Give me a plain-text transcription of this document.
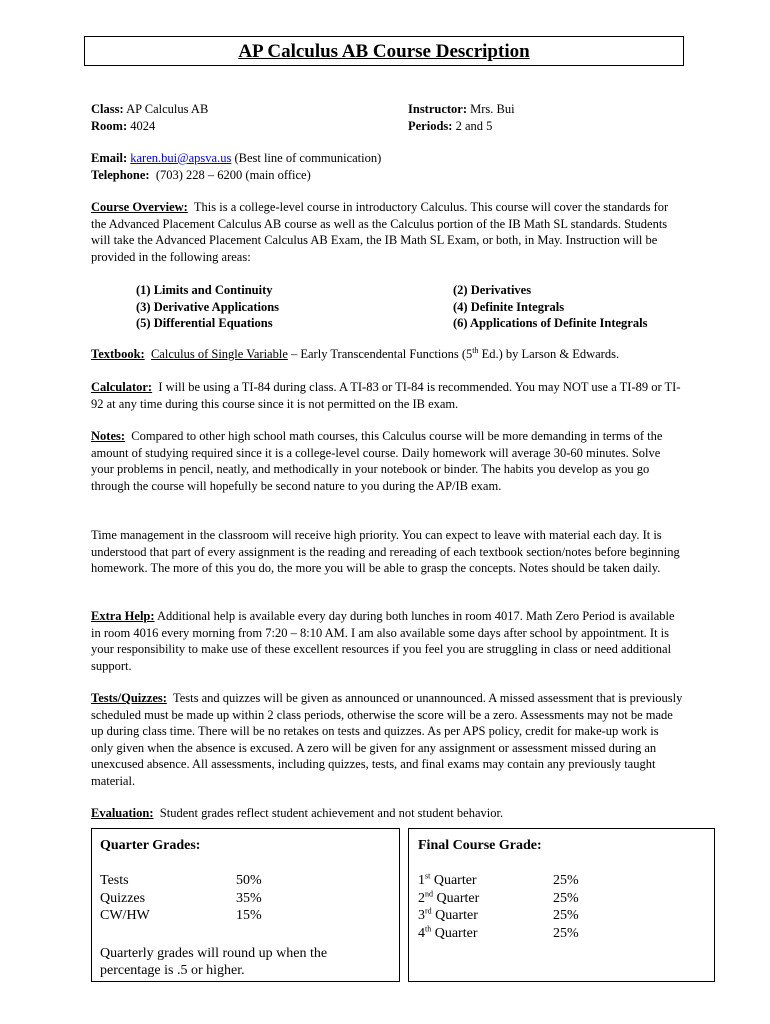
AP Calculus AB Course Description
Class: AP Calculus AB
Room: 4024
Instructor: Mrs. Bui
Periods: 2 and 5
Email: karen.bui@apsva.us (Best line of communication)
Telephone: (703) 228 – 6200 (main office)
Course Overview: This is a college-level course in introductory Calculus. This course will cover the standards for the Advanced Placement Calculus AB course as well as the Calculus portion of the IB Math SL standards. Students will take the Advanced Placement Calculus AB Exam, the IB Math SL Exam, or both, in May. Instruction will be provided in the following areas:
(1) Limits and Continuity
(3) Derivative Applications
(5) Differential Equations
(2) Derivatives
(4) Definite Integrals
(6) Applications of Definite Integrals
Textbook: Calculus of Single Variable – Early Transcendental Functions (5th Ed.) by Larson & Edwards.
Calculator: I will be using a TI-84 during class. A TI-83 or TI-84 is recommended. You may NOT use a TI-89 or TI-92 at any time during this course since it is not permitted on the IB exam.
Notes: Compared to other high school math courses, this Calculus course will be more demanding in terms of the amount of studying required since it is a college-level course. Daily homework will average 30-60 minutes. Solve your problems in pencil, neatly, and methodically in your notebook or binder. The habits you develop as you go through the course will hopefully be second nature to you during the AP/IB exam.
Time management in the classroom will receive high priority. You can expect to leave with material each day. It is understood that part of every assignment is the reading and rereading of each textbook section/notes before beginning homework. The more of this you do, the more you will be able to grasp the concepts. Notes should be taken daily.
Extra Help: Additional help is available every day during both lunches in room 4017. Math Zero Period is available in room 4016 every morning from 7:20 – 8:10 AM. I am also available some days after school by appointment. It is your responsibility to make use of these excellent resources if you feel you are struggling in class or need additional support.
Tests/Quizzes: Tests and quizzes will be given as announced or unannounced. A missed assessment that is previously scheduled must be made up within 2 class periods, otherwise the score will be a zero. Assessments may not be made up during class time. There will be no retakes on tests and quizzes. As per APS policy, credit for make-up work is only given when the absence is excused. A zero will be given for any assignment or assessment missed during an unexcused absence. All assessments, including quizzes, tests, and final exams may contain any previously taught material.
Evaluation: Student grades reflect student achievement and not student behavior.
Quarter Grades:
Tests	50%
Quizzes	35%
CW/HW	15%
Quarterly grades will round up when the percentage is .5 or higher.
Final Course Grade:
1st Quarter	25%
2nd Quarter	25%
3rd Quarter	25%
4th Quarter	25%
